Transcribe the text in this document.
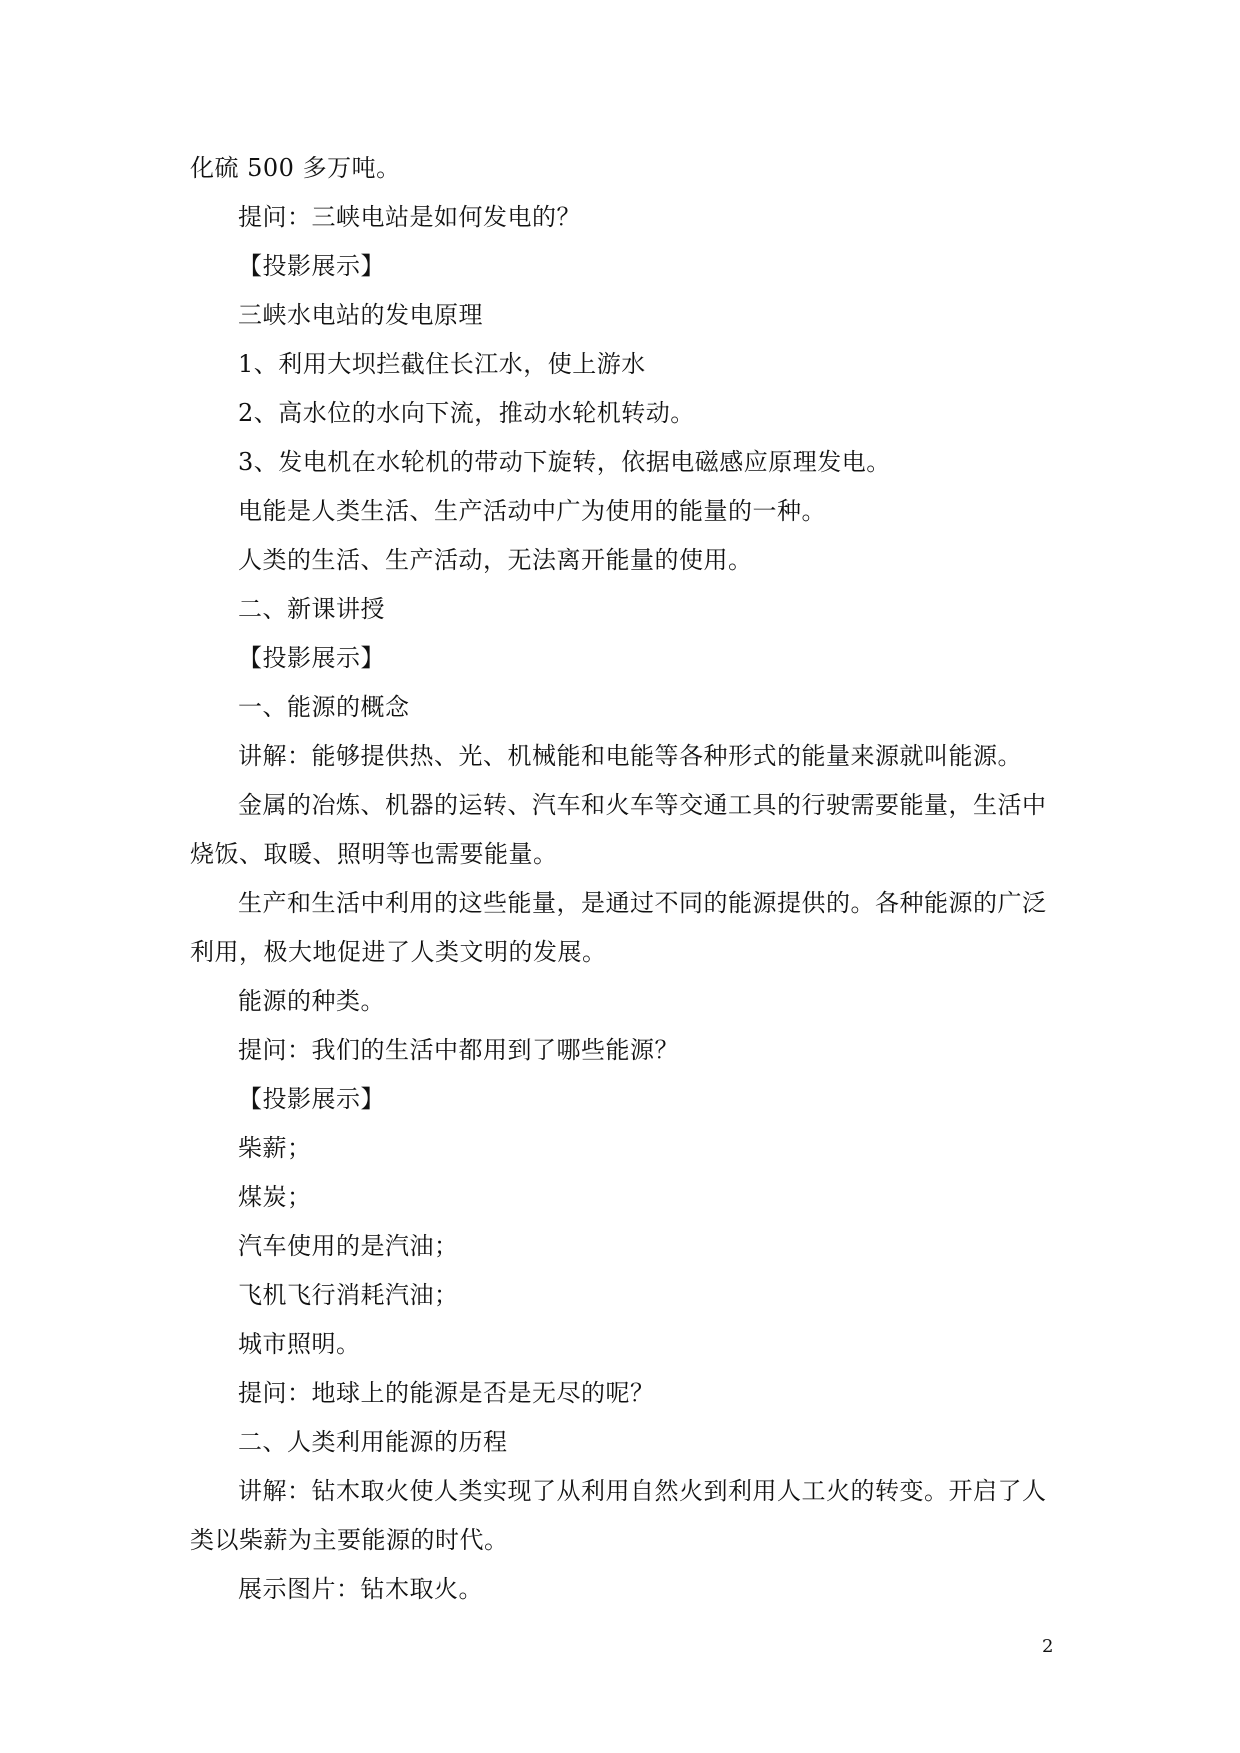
化硫 500 多万吨。

提问：三峡电站是如何发电的？

【投影展示】

三峡水电站的发电原理

1、利用大坝拦截住长江水，使上游水

2、高水位的水向下流，推动水轮机转动。

3、发电机在水轮机的带动下旋转，依据电磁感应原理发电。

电能是人类生活、生产活动中广为使用的能量的一种。

人类的生活、生产活动，无法离开能量的使用。

二、新课讲授

【投影展示】

一、能源的概念

讲解：能够提供热、光、机械能和电能等各种形式的能量来源就叫能源。

金属的冶炼、机器的运转、汽车和火车等交通工具的行驶需要能量，生活中烧饭、取暖、照明等也需要能量。

生产和生活中利用的这些能量，是通过不同的能源提供的。各种能源的广泛利用，极大地促进了人类文明的发展。

能源的种类。

提问：我们的生活中都用到了哪些能源？

【投影展示】

柴薪；

煤炭；

汽车使用的是汽油；

飞机飞行消耗汽油；

城市照明。

提问：地球上的能源是否是无尽的呢？

二、人类利用能源的历程

讲解：钻木取火使人类实现了从利用自然火到利用人工火的转变。开启了人类以柴薪为主要能源的时代。

展示图片：钻木取火。

2
